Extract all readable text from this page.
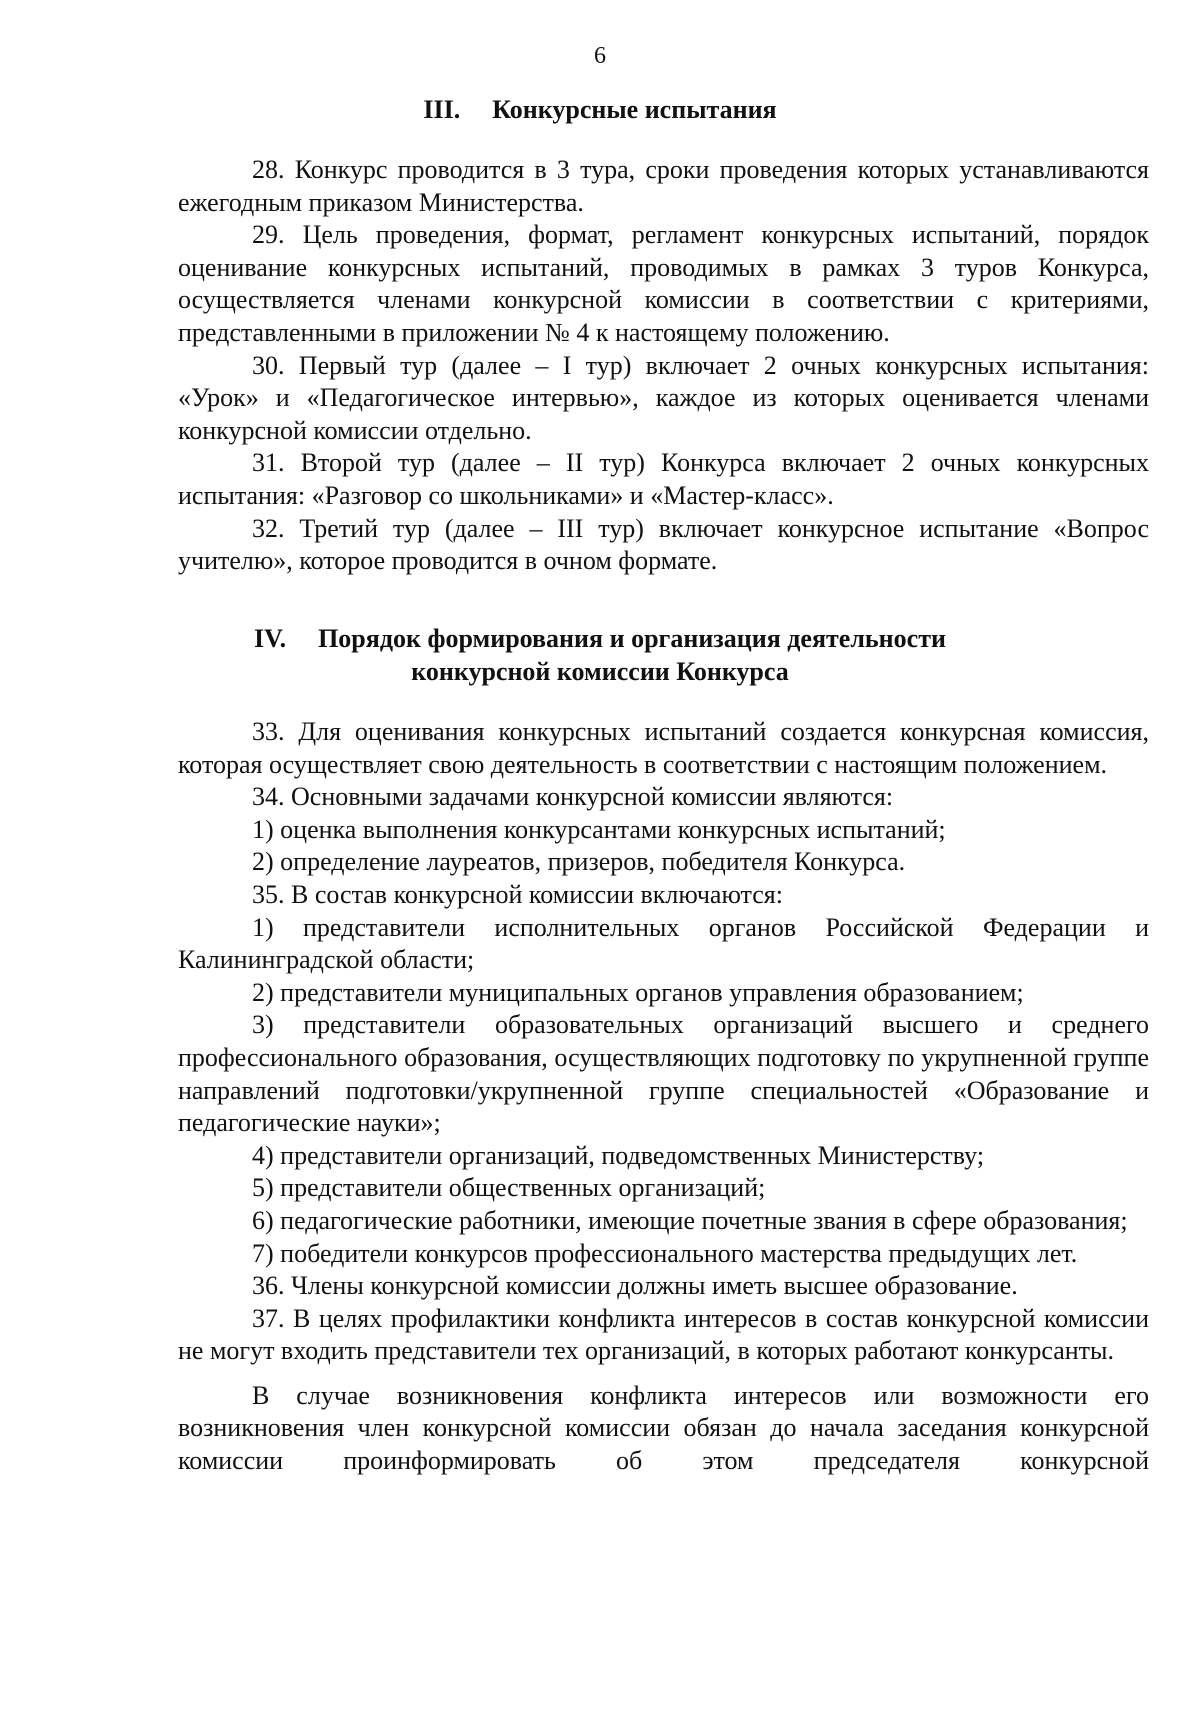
6
III. Конкурсные испытания

28. Конкурс проводится в 3 тура, сроки проведения которых устанавливаются ежегодным приказом Министерства.

29. Цель проведения, формат, регламент конкурсных испытаний, порядок оценивание конкурсных испытаний, проводимых в рамках 3 туров Конкурса, осуществляется членами конкурсной комиссии в соответствии с критериями, представленными в приложении № 4 к настоящему положению.

30. Первый тур (далее – I тур) включает 2 очных конкурсных испытания: «Урок» и «Педагогическое интервью», каждое из которых оценивается членами конкурсной комиссии отдельно.

31. Второй тур (далее – II тур) Конкурса включает 2 очных конкурсных испытания: «Разговор со школьниками» и «Мастер-класс».

32. Третий тур (далее – III тур) включает конкурсное испытание «Вопрос учителю», которое проводится в очном формате.

IV. Порядок формирования и организация деятельности
конкурсной комиссии Конкурса

33. Для оценивания конкурсных испытаний создается конкурсная комиссия, которая осуществляет свою деятельность в соответствии с настоящим положением.

34. Основными задачами конкурсной комиссии являются:

1) оценка выполнения конкурсантами конкурсных испытаний;

2) определение лауреатов, призеров, победителя Конкурса.

35. В состав конкурсной комиссии включаются:

1) представители исполнительных органов Российской Федерации и Калининградской области;

2) представители муниципальных органов управления образованием;

3) представители образовательных организаций высшего и среднего профессионального образования, осуществляющих подготовку по укрупненной группе направлений подготовки/укрупненной группе специальностей «Образование и педагогические науки»;

4) представители организаций, подведомственных Министерству;

5) представители общественных организаций;

6) педагогические работники, имеющие почетные звания в сфере образования;

7) победители конкурсов профессионального мастерства предыдущих лет.

36. Члены конкурсной комиссии должны иметь высшее образование.

37. В целях профилактики конфликта интересов в состав конкурсной комиссии не могут входить представители тех организаций, в которых работают конкурсанты.

В случае возникновения конфликта интересов или возможности его возникновения член конкурсной комиссии обязан до начала заседания конкурсной комиссии проинформировать об этом председателя конкурсной
